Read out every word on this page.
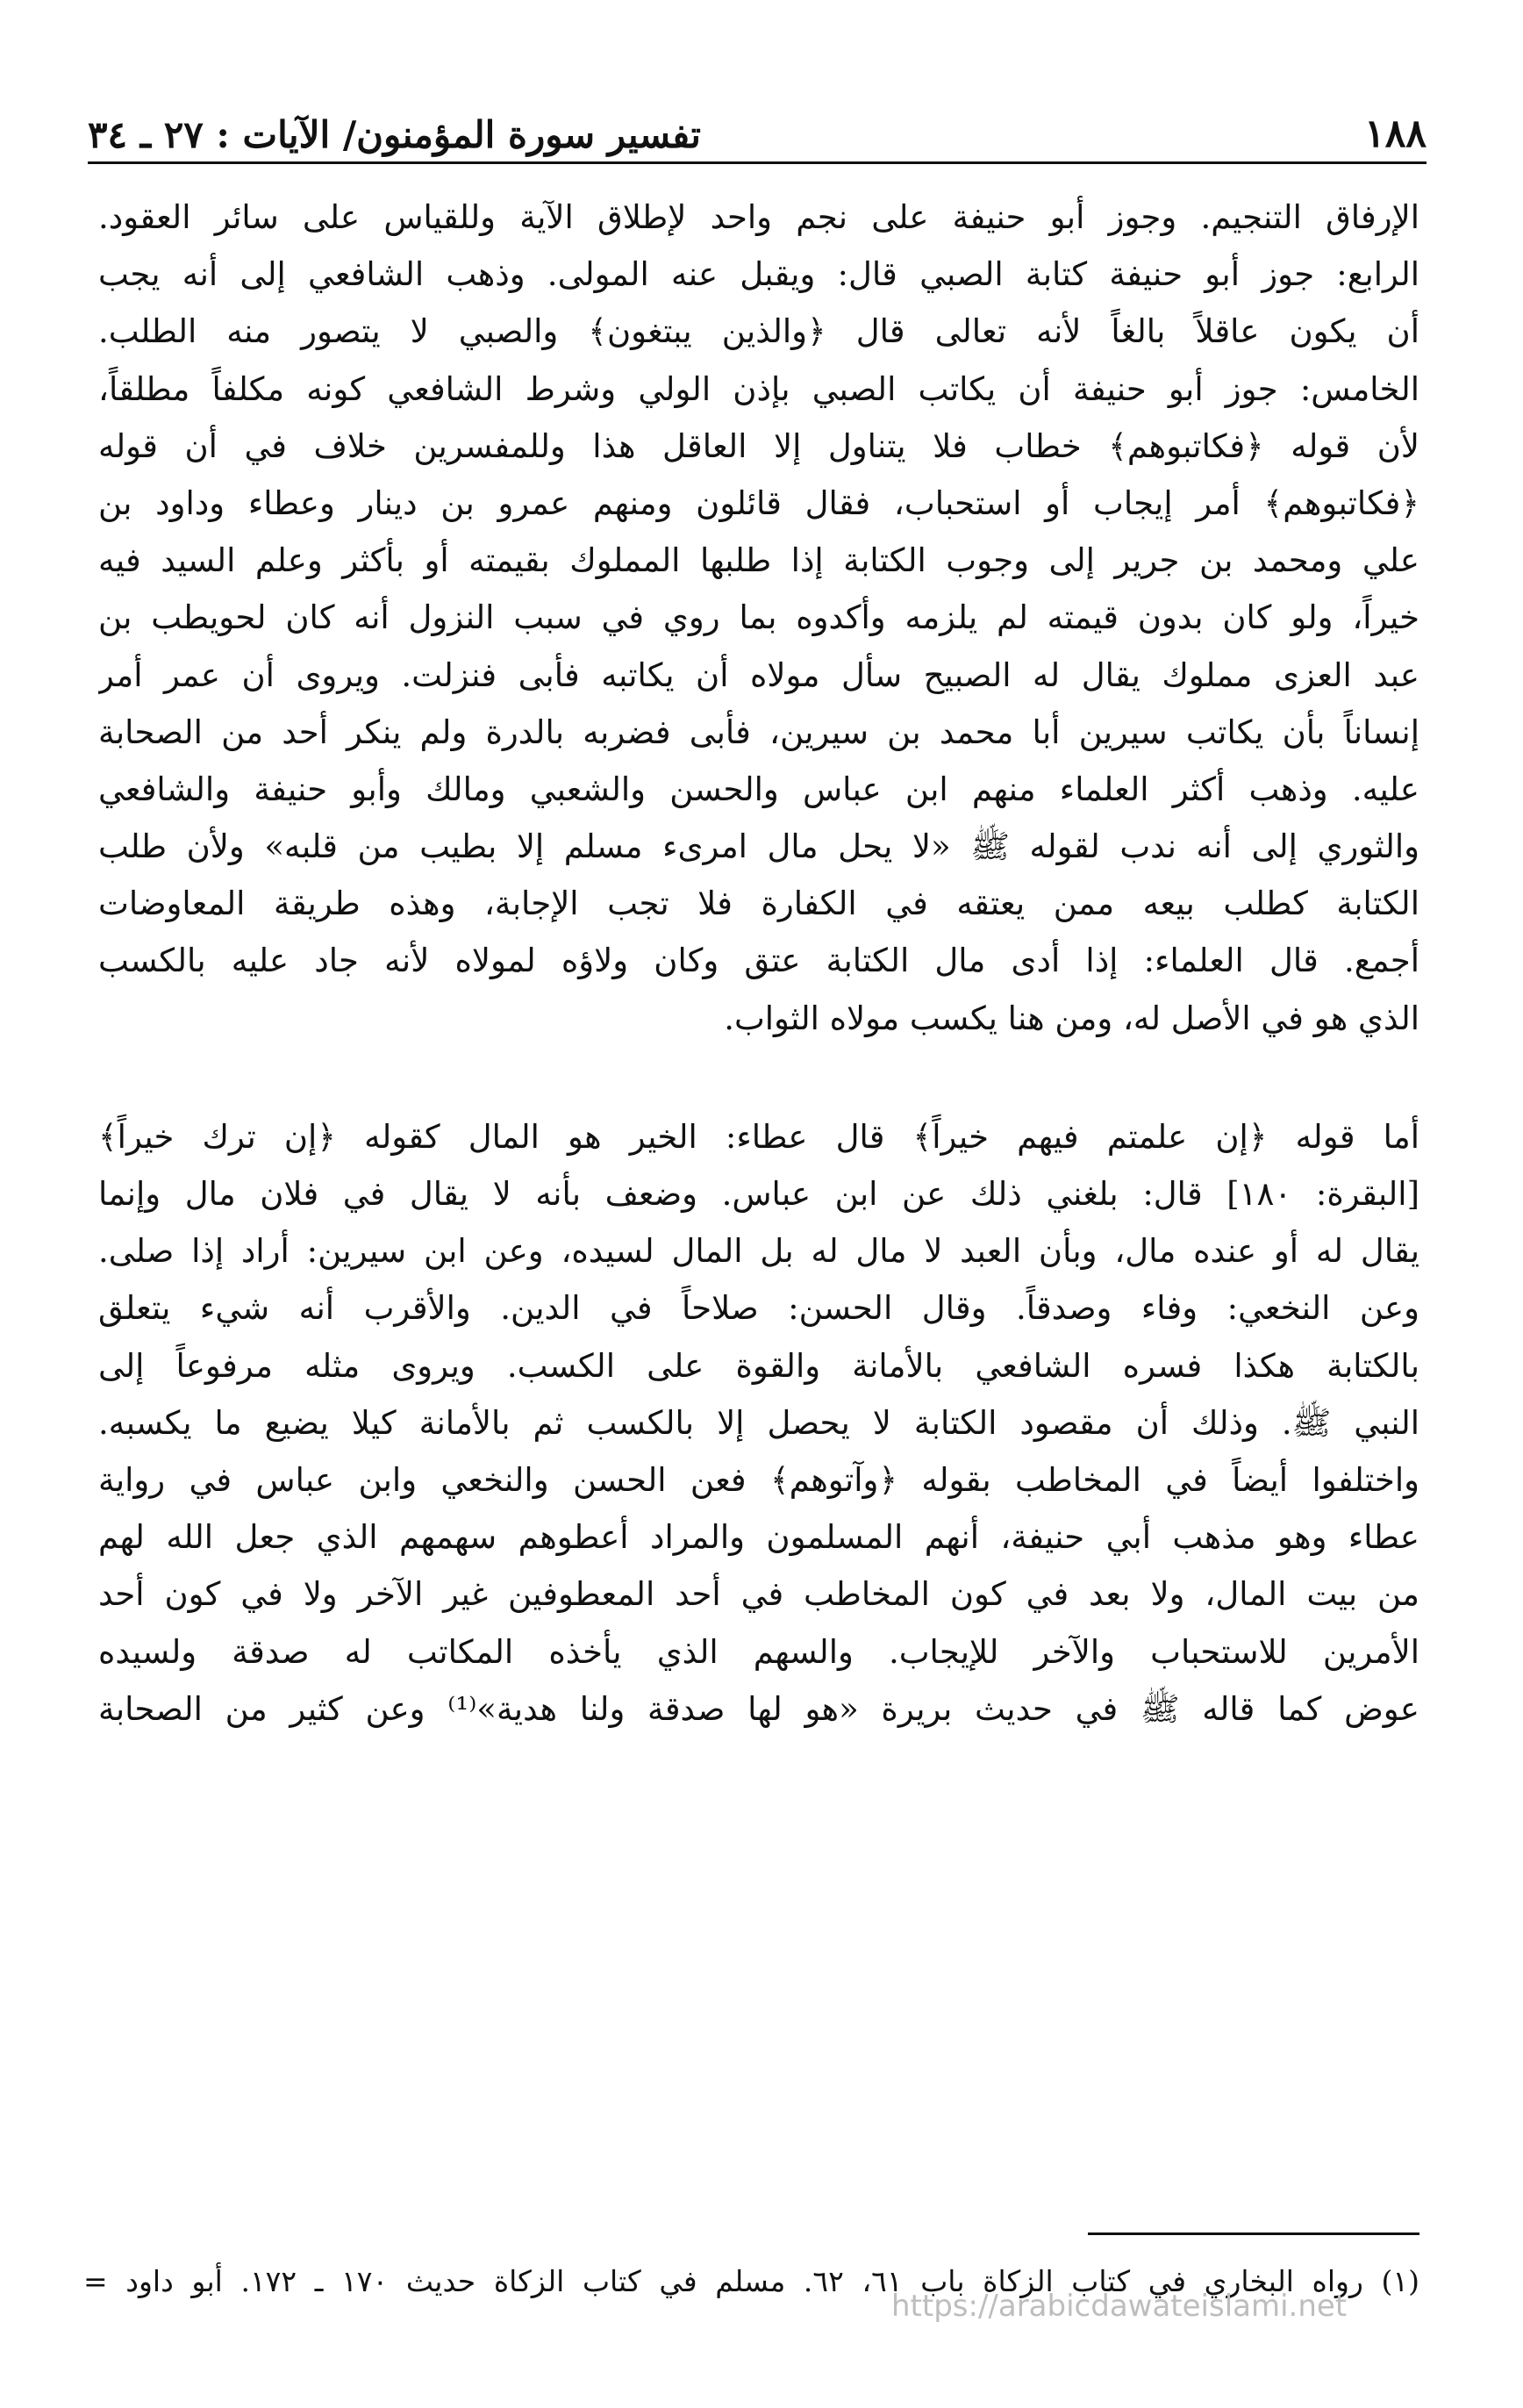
١٨٨
تفسير سورة المؤمنون/ الآيات : ٢٧ ـ ٣٤
الإرفاق التنجيم. وجوز أبو حنيفة على نجم واحد لإطلاق الآية وللقياس على سائر العقود.
الرابع: جوز أبو حنيفة كتابة الصبي قال: ويقبل عنه المولى. وذهب الشافعي إلى أنه يجب
أن يكون عاقلاً بالغاً لأنه تعالى قال ﴿والذين يبتغون﴾ والصبي لا يتصور منه الطلب.
الخامس: جوز أبو حنيفة أن يكاتب الصبي بإذن الولي وشرط الشافعي كونه مكلفاً مطلقاً،
لأن قوله ﴿فكاتبوهم﴾ خطاب فلا يتناول إلا العاقل هذا وللمفسرين خلاف في أن قوله
﴿فكاتبوهم﴾ أمر إيجاب أو استحباب، فقال قائلون ومنهم عمرو بن دينار وعطاء وداود بن
علي ومحمد بن جرير إلى وجوب الكتابة إذا طلبها المملوك بقيمته أو بأكثر وعلم السيد فيه
خيراً، ولو كان بدون قيمته لم يلزمه وأكدوه بما روي في سبب النزول أنه كان لحويطب بن
عبد العزى مملوك يقال له الصبيح سأل مولاه أن يكاتبه فأبى فنزلت. ويروى أن عمر أمر
إنساناً بأن يكاتب سيرين أبا محمد بن سيرين، فأبى فضربه بالدرة ولم ينكر أحد من الصحابة
عليه. وذهب أكثر العلماء منهم ابن عباس والحسن والشعبي ومالك وأبو حنيفة والشافعي
والثوري إلى أنه ندب لقوله ﷺ «لا يحل مال امرىء مسلم إلا بطيب من قلبه» ولأن طلب
الكتابة كطلب بيعه ممن يعتقه في الكفارة فلا تجب الإجابة، وهذه طريقة المعاوضات
أجمع. قال العلماء: إذا أدى مال الكتابة عتق وكان ولاؤه لمولاه لأنه جاد عليه بالكسب
الذي هو في الأصل له، ومن هنا يكسب مولاه الثواب.
أما قوله ﴿إن علمتم فيهم خيراً﴾ قال عطاء: الخير هو المال كقوله ﴿إن ترك خيراً﴾
[البقرة: ١٨٠] قال: بلغني ذلك عن ابن عباس. وضعف بأنه لا يقال في فلان مال وإنما
يقال له أو عنده مال، وبأن العبد لا مال له بل المال لسيده، وعن ابن سيرين: أراد إذا صلى.
وعن النخعي: وفاء وصدقاً. وقال الحسن: صلاحاً في الدين. والأقرب أنه شيء يتعلق
بالكتابة هكذا فسره الشافعي بالأمانة والقوة على الكسب. ويروى مثله مرفوعاً إلى
النبي ﷺ. وذلك أن مقصود الكتابة لا يحصل إلا بالكسب ثم بالأمانة كيلا يضيع ما يكسبه.
واختلفوا أيضاً في المخاطب بقوله ﴿وآتوهم﴾ فعن الحسن والنخعي وابن عباس في رواية
عطاء وهو مذهب أبي حنيفة، أنهم المسلمون والمراد أعطوهم سهمهم الذي جعل الله لهم
من بيت المال، ولا بعد في كون المخاطب في أحد المعطوفين غير الآخر ولا في كون أحد
الأمرين للاستحباب والآخر للإيجاب. والسهم الذي يأخذه المكاتب له صدقة ولسيده
عوض كما قاله ﷺ في حديث بريرة «هو لها صدقة ولنا هدية»⁽¹⁾ وعن كثير من الصحابة
(١) رواه البخاري في كتاب الزكاة باب ٦١، ٦٢. مسلم في كتاب الزكاة حديث ١٧٠ ـ ١٧٢. أبو داود =
https://arabicdawateislami.net
